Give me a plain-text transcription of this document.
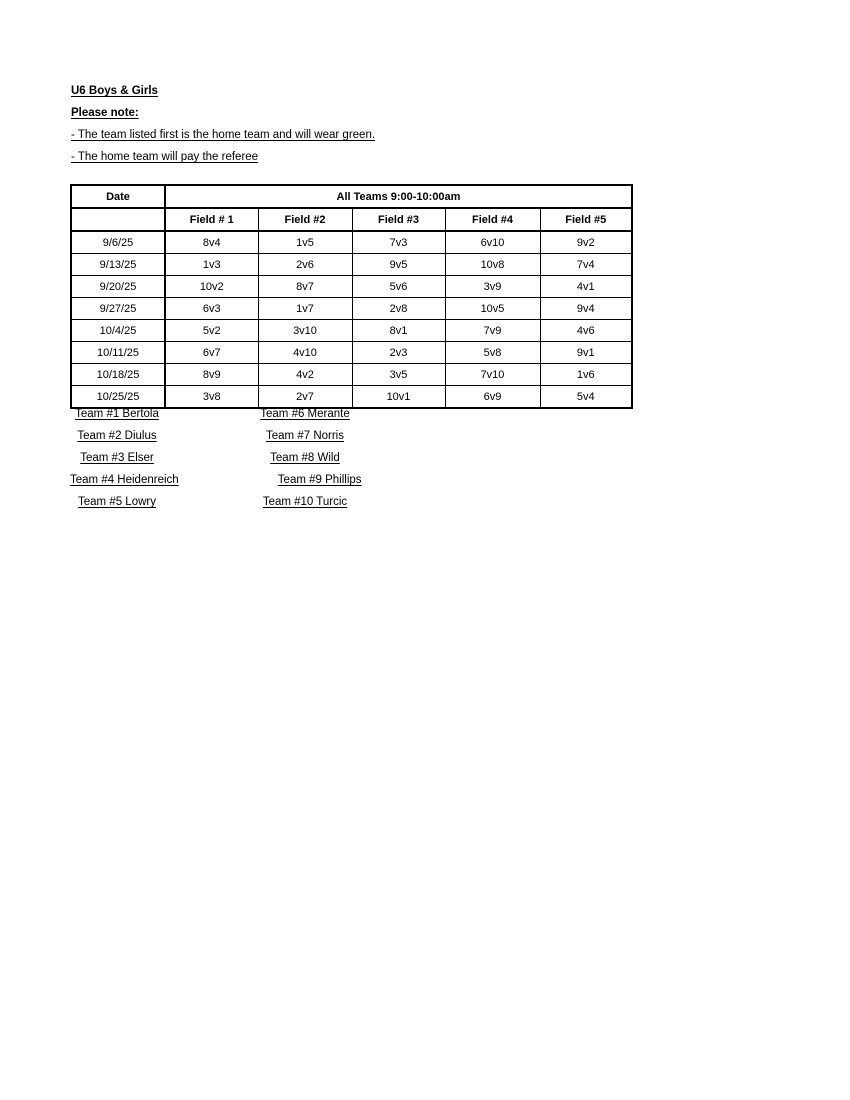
U6 Boys & Girls
Please note:
- The team listed first is the home team and will wear green.
- The home team will pay the referee
Date	All Teams 9:00-10:00am				
	Field # 1	Field #2	Field #3	Field #4	Field #5
9/6/25	8v4	1v5	7v3	6v10	9v2
9/13/25	1v3	2v6	9v5	10v8	7v4
9/20/25	10v2	8v7	5v6	3v9	4v1
9/27/25	6v3	1v7	2v8	10v5	9v4
10/4/25	5v2	3v10	8v1	7v9	4v6
10/11/25	6v7	4v10	2v3	5v8	9v1
10/18/25	8v9	4v2	3v5	7v10	1v6
10/25/25	3v8	2v7	10v1	6v9	5v4
Team #1 Bertola	Team #6 Merante
Team #2 Diulus	Team #7 Norris
Team #3 Elser	Team #8 Wild
Team #4 Heidenreich	Team #9 Phillips
Team #5 Lowry	Team #10 Turcic
